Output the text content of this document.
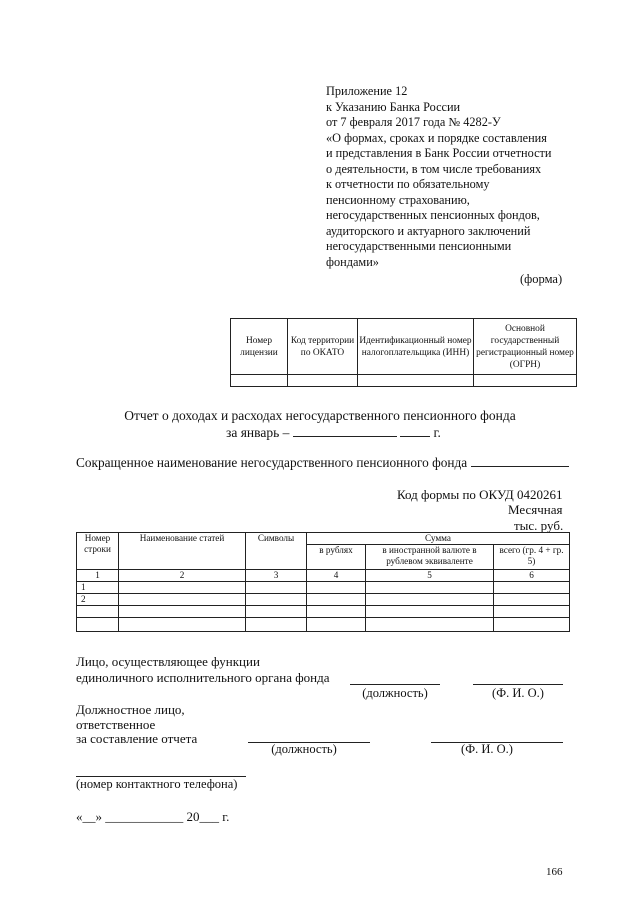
Приложение 12
к Указанию Банка России
от 7 февраля 2017 года № 4282-У
«О формах, сроках и порядке составления
и представления в Банк России отчетности
о деятельности, в том числе требованиях
к отчетности по обязательному
пенсионному страхованию,
негосударственных пенсионных фондов,
аудиторского и актуарного заключений
негосударственными пенсионными
фондами»
(форма)
Номер лицензии	Код территории по ОКАТО	Идентификационный номер налогоплательщика (ИНН)	Основной государственный регистрационный номер (ОГРН)

Отчет о доходах и расходах негосударственного пенсионного фонда
за январь –	г.
Сокращенное наименование негосударственного пенсионного фонда
Код формы по ОКУД 0420261
Месячная
тыс. руб.
Номер строки	Наименование статей	Символы	Сумма		
			в рублях	в иностранной валюте в рублевом эквиваленте	всего (гр. 4 + гр. 5)
1	2	3	4	5	6
1					
2					

Лицо, осуществляющее функции
единоличного исполнительного органа фонда
(должность)	(Ф. И. О.)
Должностное лицо,
ответственное
за составление отчета
(должность)	(Ф. И. О.)
(номер контактного телефона)
«__» ____________ 20___ г.
166
